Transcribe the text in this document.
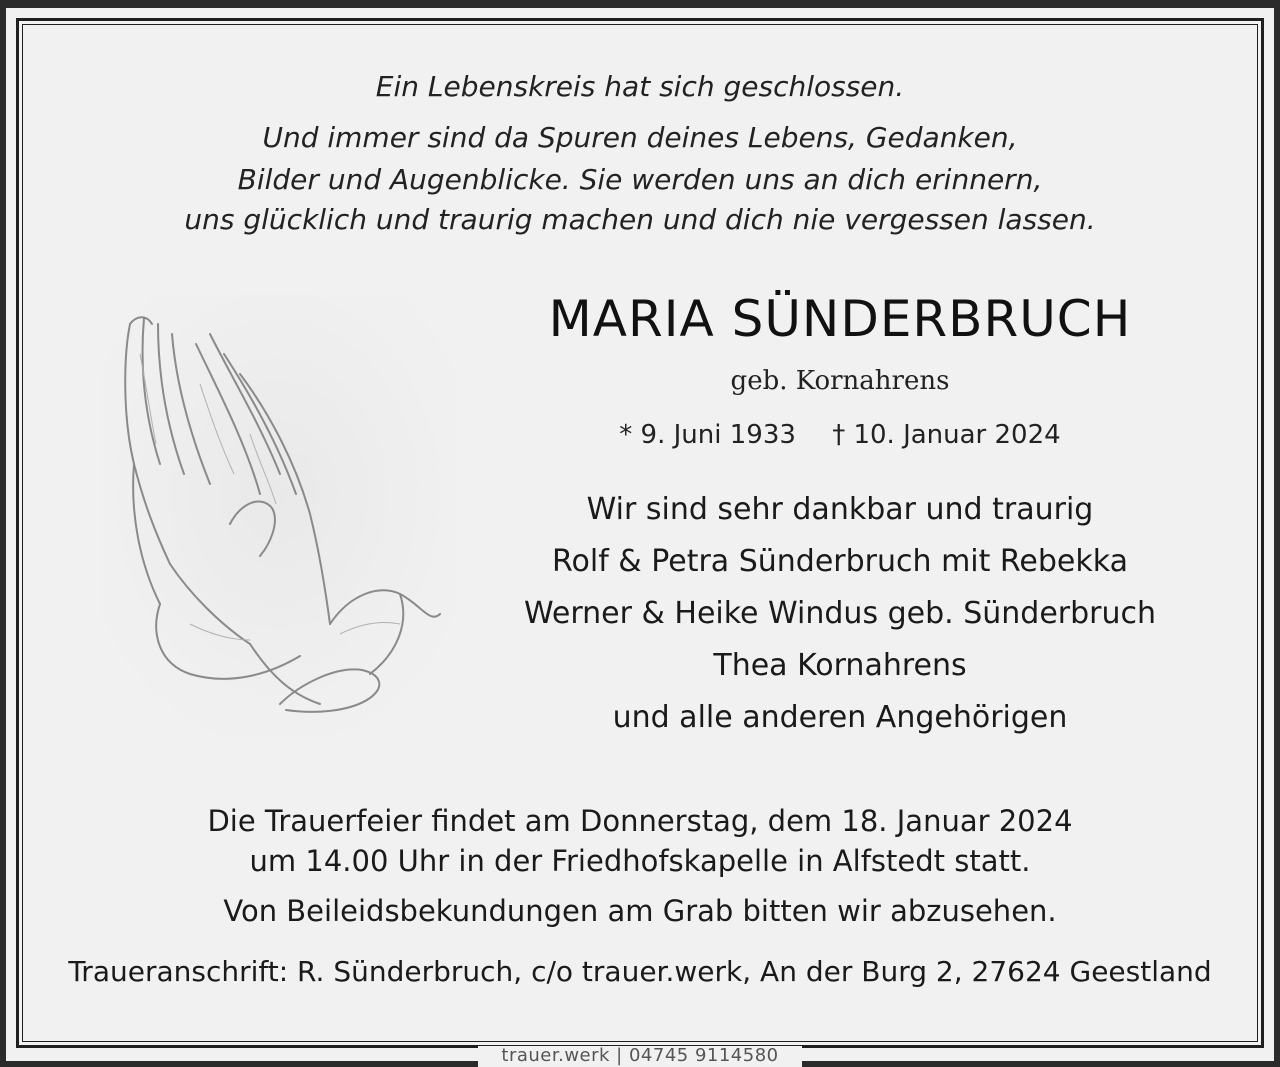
Ein Lebenskreis hat sich geschlossen.
Und immer sind da Spuren deines Lebens, Gedanken,
Bilder und Augenblicke. Sie werden uns an dich erinnern,
uns glücklich und traurig machen und dich nie vergessen lassen.
MARIA SÜNDERBRUCH
geb. Kornahrens
* 9. Juni 1933 † 10. Januar 2024
Wir sind sehr dankbar und traurig
Rolf & Petra Sünderbruch mit Rebekka
Werner & Heike Windus geb. Sünderbruch
Thea Kornahrens
und alle anderen Angehörigen
Die Trauerfeier findet am Donnerstag, dem 18. Januar 2024
um 14.00 Uhr in der Friedhofskapelle in Alfstedt statt.
Von Beileidsbekundungen am Grab bitten wir abzusehen.
Traueranschrift: R. Sünderbruch, c/o trauer.werk, An der Burg 2, 27624 Geestland
trauer.werk | 04745 9114580
